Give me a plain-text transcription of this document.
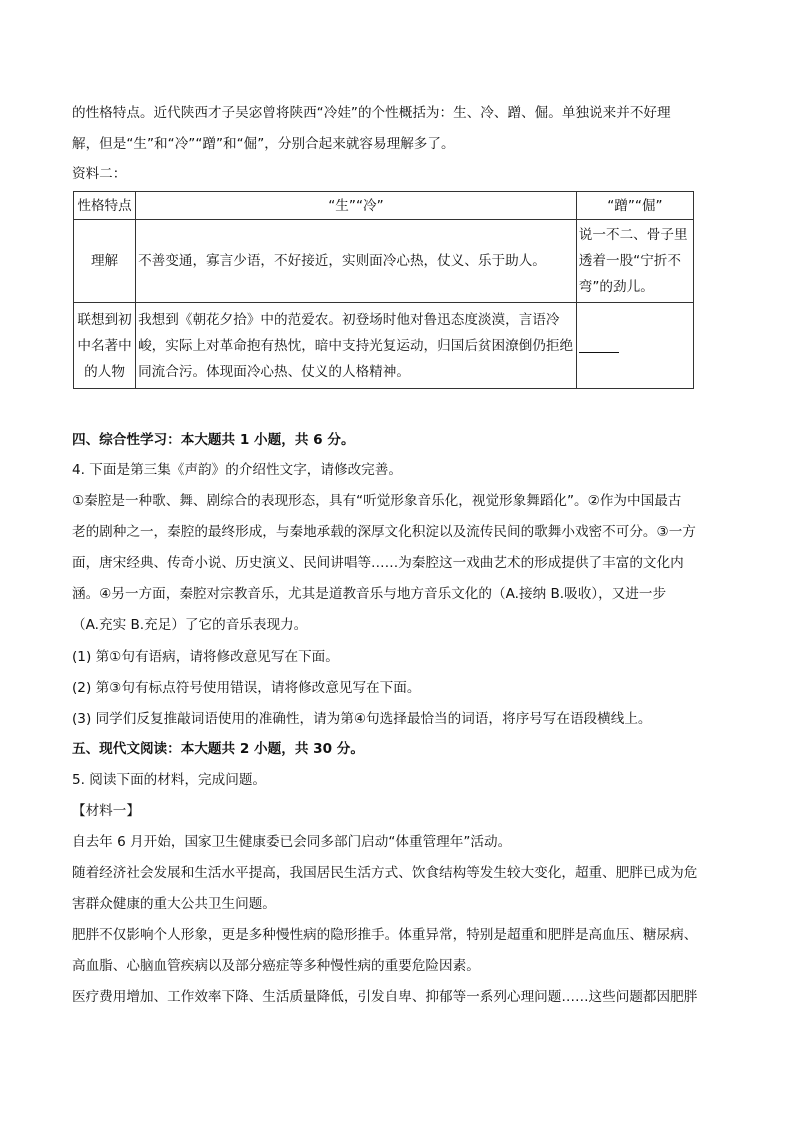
的性格特点。近代陕西才子吴宓曾将陕西“冷娃”的个性概括为：生、冷、蹭、倔。单独说来并不好理
解，但是“生”和“冷”“蹭”和“倔”，分别合起来就容易理解多了。
资料二：
性格特点	“生”“冷”	“蹭”“倔”
理解	不善变通，寡言少语，不好接近，实则面冷心热，仗义、乐于助人。	说一不二、骨子里透着一股“宁折不弯”的劲儿。
联想到初中名著中的人物	我想到《朝花夕拾》中的范爱农。初登场时他对鲁迅态度淡漠，言语冷峻，实际上对革命抱有热忱，暗中支持光复运动，归国后贫困潦倒仍拒绝同流合污。体现面冷心热、仗义的人格精神。	
四、综合性学习：本大题共 1 小题，共 6 分。
4. 下面是第三集《声韵》的介绍性文字，请修改完善。
①秦腔是一种歌、舞、剧综合的表现形态，具有“听觉形象音乐化，视觉形象舞蹈化”。②作为中国最古
老的剧种之一，秦腔的最终形成，与秦地承载的深厚文化积淀以及流传民间的歌舞小戏密不可分。③一方
面，唐宋经典、传奇小说、历史演义、民间讲唱等……为秦腔这一戏曲艺术的形成提供了丰富的文化内
涵。④另一方面，秦腔对宗教音乐，尤其是道教音乐与地方音乐文化的（A.接纳 B.吸收），又进一步
（A.充实 B.充足）了它的音乐表现力。
(1) 第①句有语病，请将修改意见写在下面。
(2) 第③句有标点符号使用错误，请将修改意见写在下面。
(3) 同学们反复推敲词语使用的准确性，请为第④句选择最恰当的词语，将序号写在语段横线上。
五、现代文阅读：本大题共 2 小题，共 30 分。
5. 阅读下面的材料，完成问题。
【材料一】
自去年 6 月开始，国家卫生健康委已会同多部门启动“体重管理年”活动。
随着经济社会发展和生活水平提高，我国居民生活方式、饮食结构等发生较大变化，超重、肥胖已成为危
害群众健康的重大公共卫生问题。
肥胖不仅影响个人形象，更是多种慢性病的隐形推手。体重异常，特别是超重和肥胖是高血压、糖尿病、
高血脂、心脑血管疾病以及部分癌症等多种慢性病的重要危险因素。
医疗费用增加、工作效率下降、生活质量降低，引发自卑、抑郁等一系列心理问题……这些问题都因肥胖
